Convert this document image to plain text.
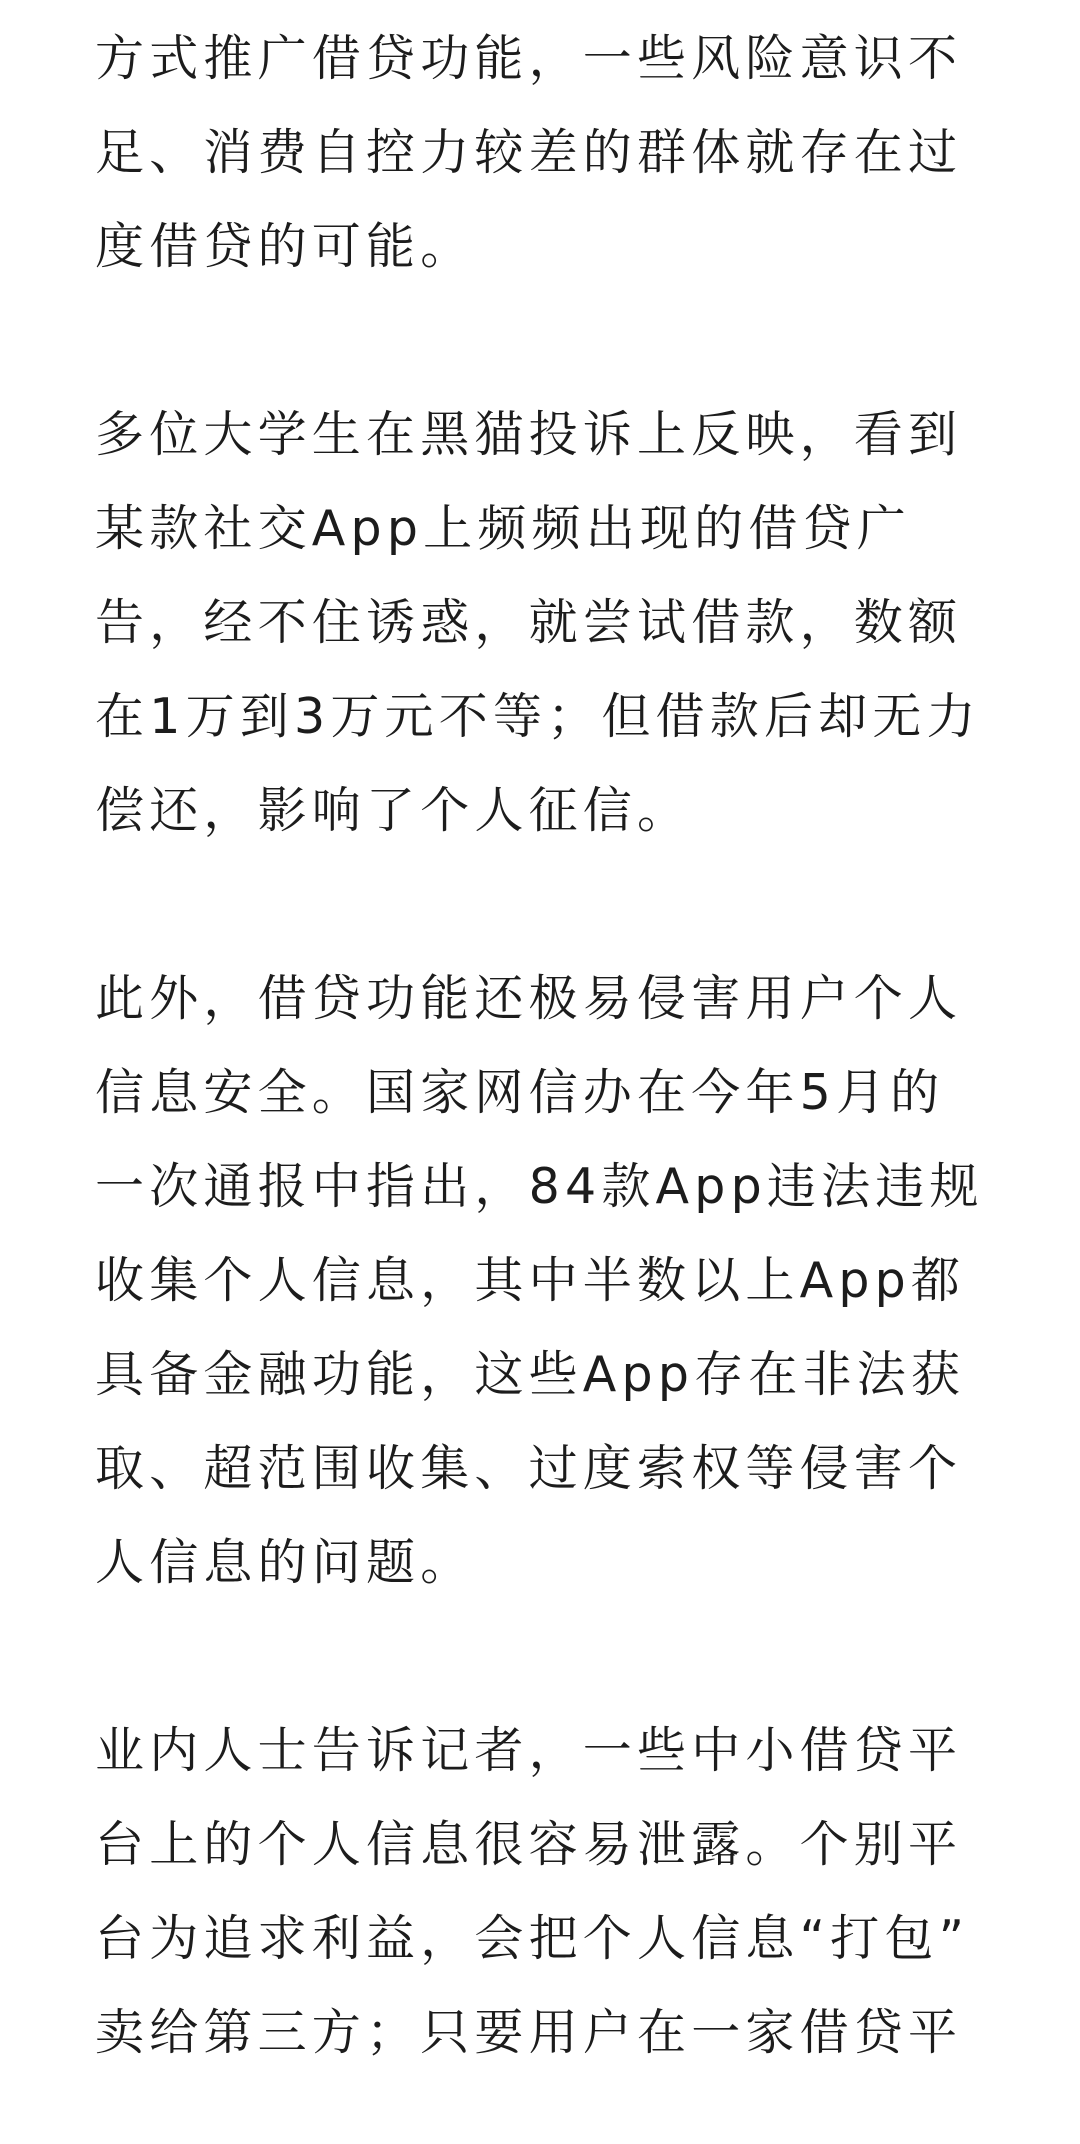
方式推广借贷功能，一些风险意识不
足、消费自控力较差的群体就存在过
度借贷的可能。
多位大学生在黑猫投诉上反映，看到
某款社交App上频频出现的借贷广
告，经不住诱惑，就尝试借款，数额
在1万到3万元不等；但借款后却无力
偿还，影响了个人征信。
此外，借贷功能还极易侵害用户个人
信息安全。国家网信办在今年5月的
一次通报中指出，84款App违法违规
收集个人信息，其中半数以上App都
具备金融功能，这些App存在非法获
取、超范围收集、过度索权等侵害个
人信息的问题。
业内人士告诉记者，一些中小借贷平
台上的个人信息很容易泄露。个别平
台为追求利益，会把个人信息“打包”
卖给第三方；只要用户在一家借贷平
